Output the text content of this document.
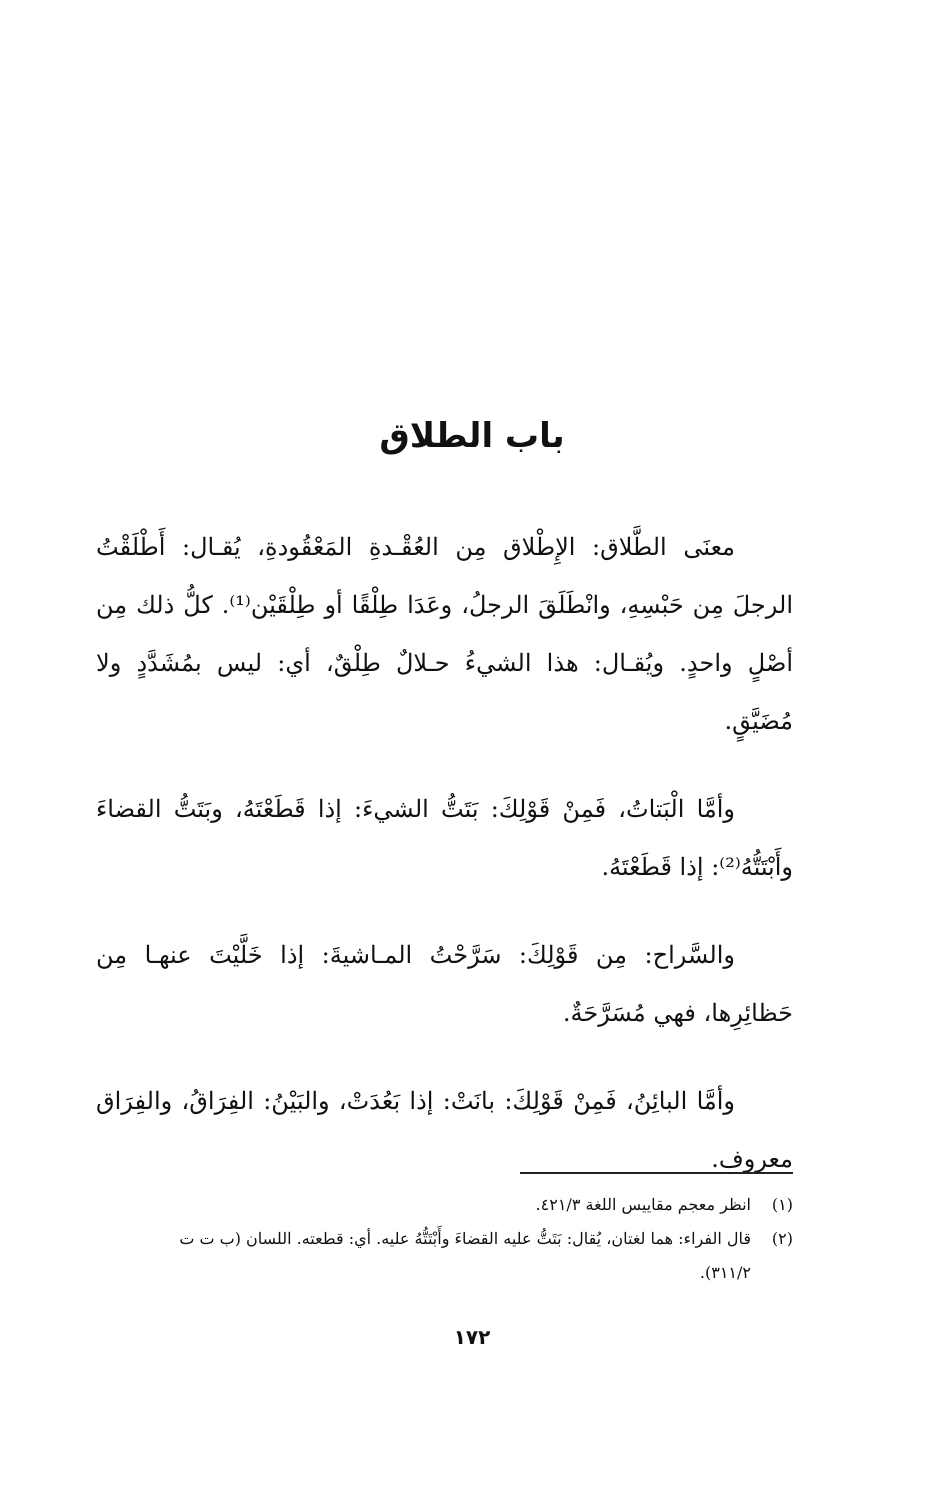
باب الطلاق

معنَى الطَّلاق: الإِطْلاق مِن العُقْـدةِ المَعْقُودةِ، يُقـال: أَطْلَقْتُ الرجلَ مِن حَبْسِهِ، وانْطَلَقَ الرجلُ، وعَدَا طِلْقًا أو طِلْقَيْن⁽¹⁾. كلُّ ذلك مِن أصْلٍ واحدٍ. ويُقـال: هذا الشيءُ حـلالٌ طِلْقٌ، أي: ليس بمُشَدَّدٍ ولا مُضَيَّقٍ.

وأمَّا الْبَتاتُ، فَمِنْ قَوْلِكَ: بَتَتُّ الشيءَ: إذا قَطَعْتَهُ، وبَتَتُّ القضاءَ وأَبْتَتُّهُ⁽²⁾: إذا قَطَعْتَهُ.

والسَّراح: مِن قَوْلِكَ: سَرَّحْتُ المـاشيةَ: إذا خَلَّيْتَ عنهـا مِن حَظائِرِها، فهي مُسَرَّحَةٌ.

وأمَّا البائِنُ، فَمِنْ قَوْلِكَ: بانَتْ: إذا بَعُدَتْ، والبَيْنُ: الفِرَاقُ، والفِرَاق معروف.

(١)
انظر معجم مقاييس اللغة ٤٢١/٣.
(٢)
قال الفراء: هما لغتان، يُقال: بَتَتُّ عليه القضاءَ وأَبْتَتُّهُ عليه. أي: قطعته. اللسان (ب ت ت ٣١١/٢).
١٧٢
